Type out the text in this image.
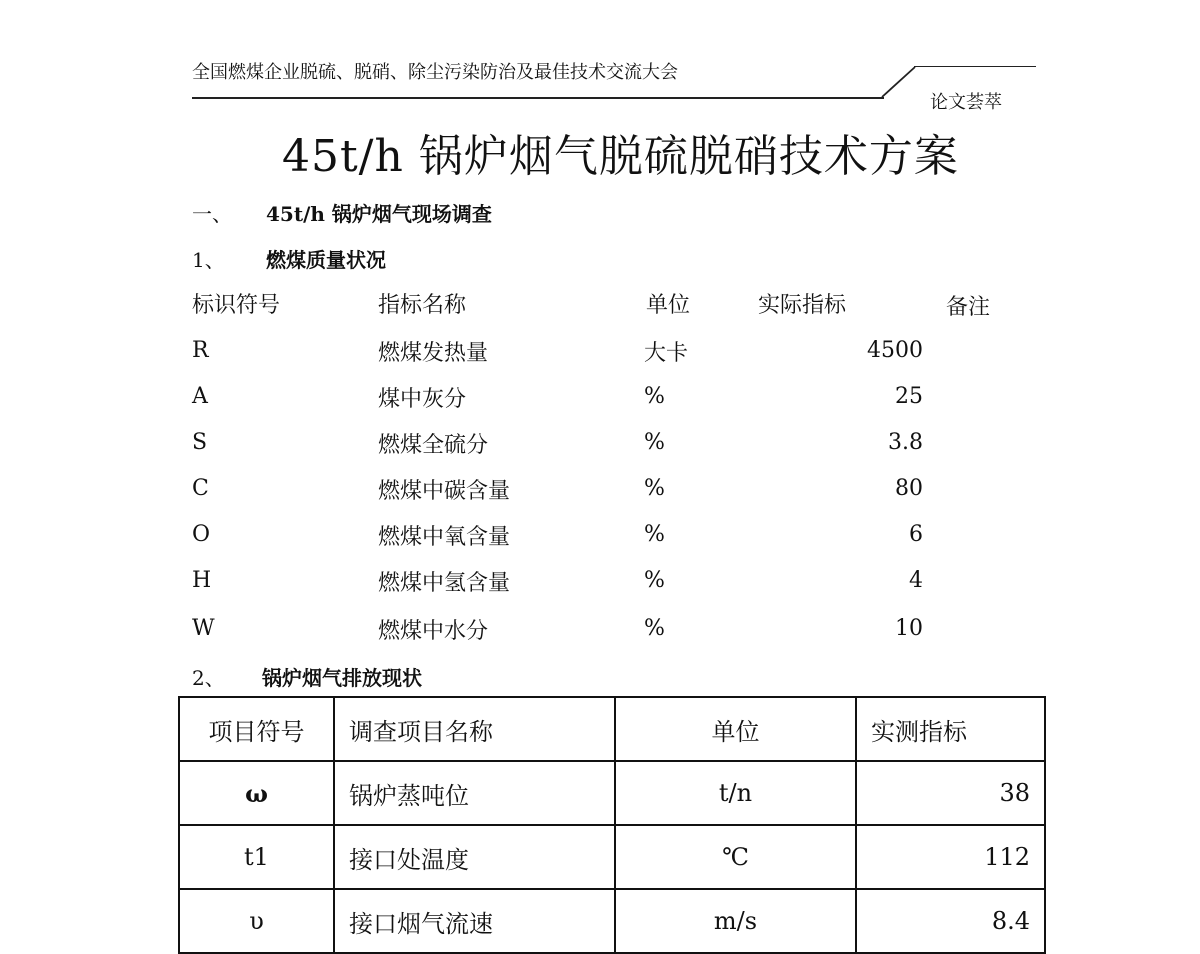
全国燃煤企业脱硫、脱硝、除尘污染防治及最佳技术交流大会
论文荟萃
45t/h 锅炉烟气脱硫脱硝技术方案
一、 45t/h 锅炉烟气现场调查
1、 燃煤质量状况
标识符号	指标名称	单位	实际指标	备注
R	燃煤发热量	大卡	4500
A	煤中灰分	%	25
S	燃煤全硫分	%	3.8
C	燃煤中碳含量	%	80
O	燃煤中氧含量	%	6
H	燃煤中氢含量	%	4
W	燃煤中水分	%	10
2、 锅炉烟气排放现状
项目符号	调查项目名称	单位	实测指标
ω	锅炉蒸吨位	t/n	38
t1	接口处温度	℃	112
υ	接口烟气流速	m/s	8.4
